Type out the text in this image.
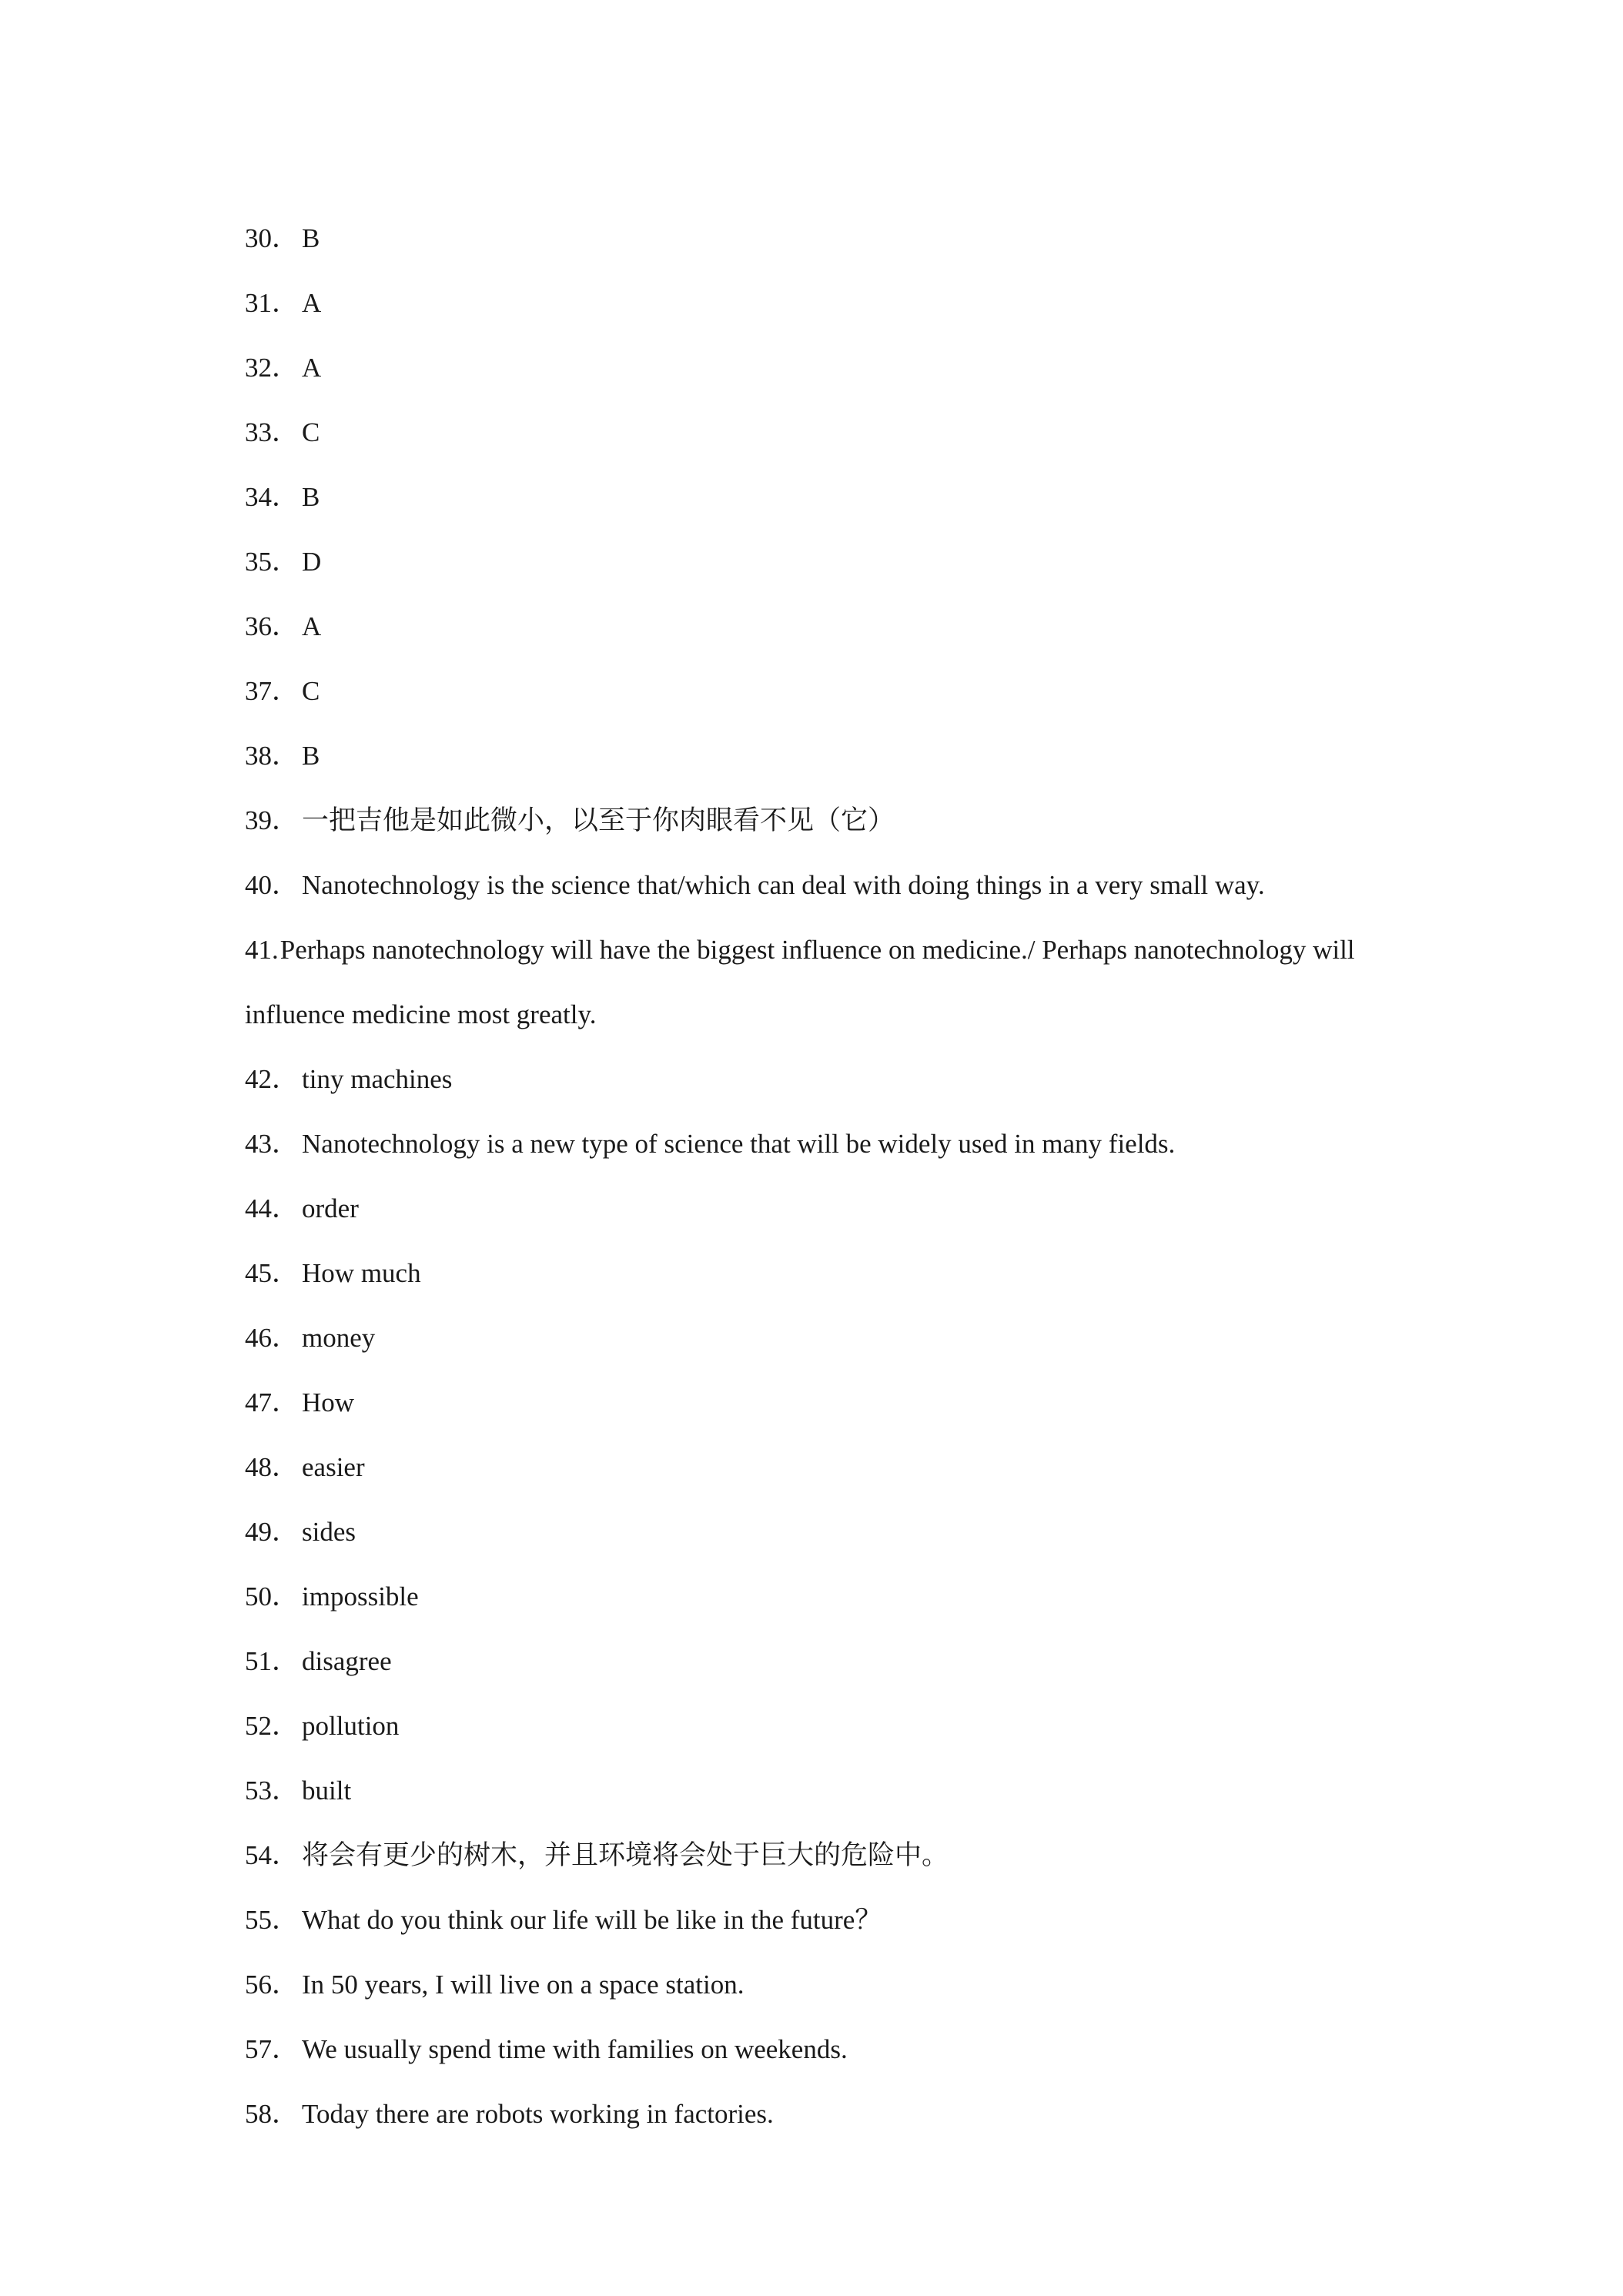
30 ．	B
31 ．	A
32 ．	A
33 ．	C
34 ．	B
35 ．	D
36 ．	A
37 ．	C
38 ．	B
39 ．	一把吉他是如此微小，以至于你肉眼看不见（它）
40 ．	Nanotechnology is the science that/which can deal with doing things in a very small way.
41 . Perhaps nanotechnology will have the biggest influence on medicine./ Perhaps nanotechnology will influence medicine most greatly.
42 ．	tiny machines
43 ．	Nanotechnology is a new type of science that will be widely used in many fields.
44 ．	order
45 ．	How much
46 ．	money
47 ．	How
48 ．	easier
49 ．	sides
50 ．	impossible
51 ．	disagree
52 ．	pollution
53 ．	built
54 ．	将会有更少的树木，并且环境将会处于巨大的危险中。
55 ．	What do you think our life will be like in the future？
56 ．	In 50 years, I will live on a space station.
57 ．	We usually spend time with families on weekends.
58 ．	Today there are robots working in factories.
